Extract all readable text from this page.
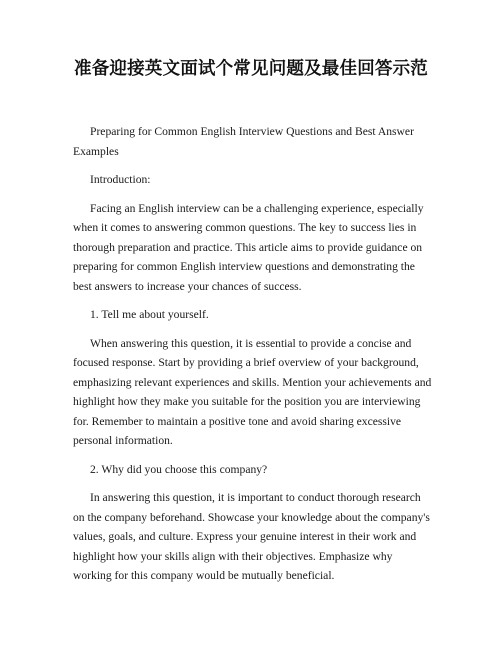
准备迎接英文面试个常见问题及最佳回答示范

Preparing for Common English Interview Questions and Best Answer Examples

Introduction:

Facing an English interview can be a challenging experience, especially when it comes to answering common questions. The key to success lies in thorough preparation and practice. This article aims to provide guidance on preparing for common English interview questions and demonstrating the best answers to increase your chances of success.

1. Tell me about yourself.

When answering this question, it is essential to provide a concise and focused response. Start by providing a brief overview of your background, emphasizing relevant experiences and skills. Mention your achievements and highlight how they make you suitable for the position you are interviewing for. Remember to maintain a positive tone and avoid sharing excessive personal information.

2. Why did you choose this company?

In answering this question, it is important to conduct thorough research on the company beforehand. Showcase your knowledge about the company's values, goals, and culture. Express your genuine interest in their work and highlight how your skills align with their objectives. Emphasize why working for this company would be mutually beneficial.
